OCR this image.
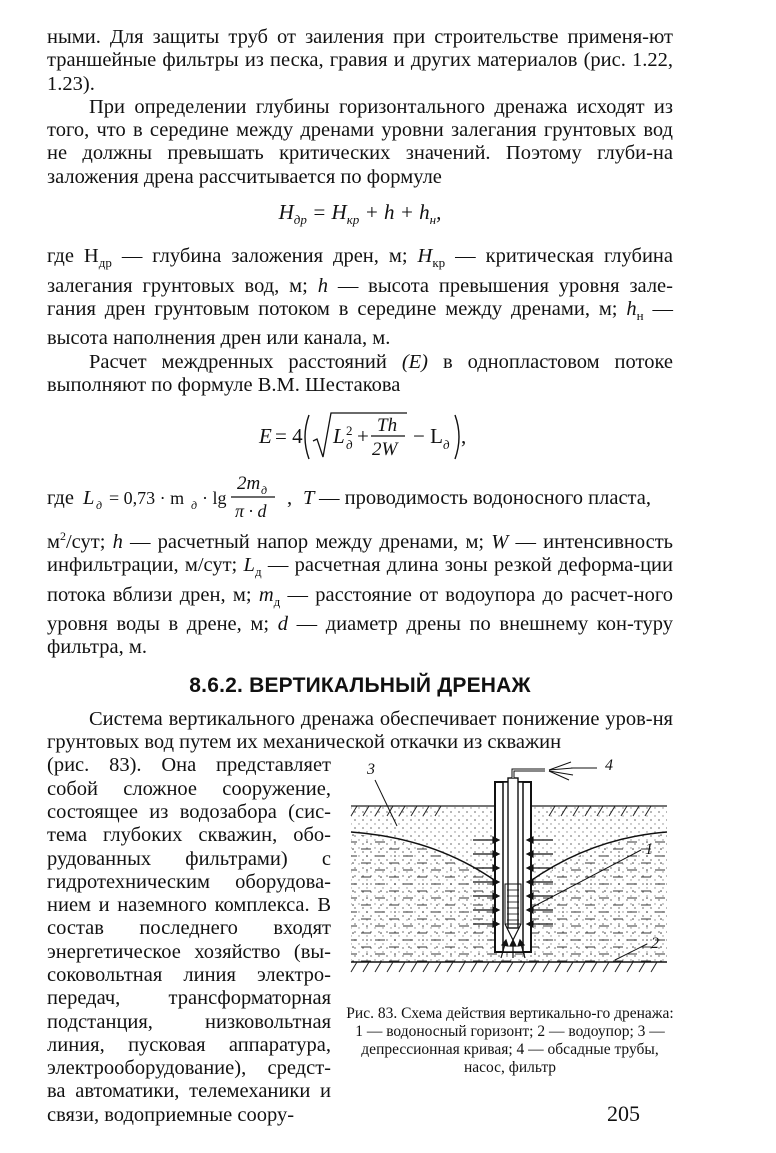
ными. Для защиты труб от заиления при строительстве применя-ют траншейные фильтры из песка, гравия и других материалов (рис. 1.22, 1.23).

При определении глубины горизонтального дренажа исходят из того, что в середине между дренами уровни залегания грунтовых вод не должны превышать критических значений. Поэтому глуби-на заложения дрена рассчитывается по формуле

$H_{др} = H_{кр} + h + h_н$,

где $H_{др}$ — глубина заложения дрен, м; $H_{кр}$ — критическая глубина залегания грунтовых вод, м; h — высота превышения уровня зале-гания дрен грунтовым потоком в середине между дренами, м; $h_н$ — высота наполнения дрен или канала, м.

Расчет междренных расстояний (E) в однопластовом потоке выполняют по формуле В.М. Шестакова

E = 4 L д
2 + Th
2W
− L д ,
где L д = 0,73 · m д · lg
2m д
π · d
, T — проводимость водоносного пласта,

$м^2$/сут; h — расчетный напор между дренами, м; W — интенсивность инфильтрации, м/сут; $L_д$ — расчетная длина зоны резкой деформа-ции потока вблизи дрен, м; $m_д$ — расстояние от водоупора до расчет-ного уровня воды в дрене, м; d — диаметр дрены по внешнему кон-туру фильтра, м.

8.6.2. ВЕРТИКАЛЬНЫЙ ДРЕНАЖ

Система вертикального дренажа обеспечивает понижение уров-ня грунтовых вод путем их механической откачки из скважин

(рис. 83). Она представляет собой сложное сооружение, состоящее из водозабора (сис-тема глубоких скважин, обо-рудованных фильтрами) с гидротехническим оборудова-нием и наземного комплекса. В состав последнего входят энергетическое хозяйство (вы-соковольтная линия электро-передач, трансформаторная подстанция, низковольтная линия, пусковая аппаратура, электрооборудование), средст-ва автоматики, телемеханики и связи, водоприемные соору-

3	4
1
2
Рис. 83. Схема действия вертикально-го дренажа:
1 — водоносный горизонт; 2 — водоупор; 3 — депрессионная кривая; 4 — обсадные трубы, насос, фильтр
205
